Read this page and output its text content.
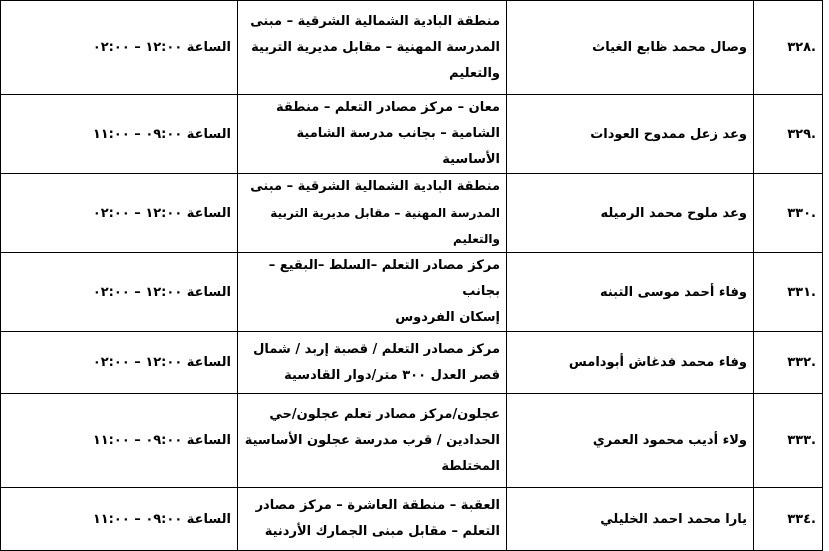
.٣٢٨	وصال محمد ظابع الغياث	منطقة البادية الشمالية الشرقية – مبنى
المدرسة المهنية – مقابل مديرية التربية
والتعليم	الساعة ١٢:٠٠ – ٠٢:٠٠
.٣٢٩	وعد زعل ممدوح العودات	معان – مركز مصادر التعلم – منطقة
الشامية – بجانب مدرسة الشامية الأساسية	الساعة ٠٩:٠٠ – ١١:٠٠
.٣٣٠	وعد ملوح محمد الرميله	منطقة البادية الشمالية الشرقية – مبنى
المدرسة المهنية – مقابل مديرية التربية والتعليم	الساعة ١٢:٠٠ – ٠٢:٠٠
.٣٣١	وفاء أحمد موسى التبنه	مركز مصادر التعلم –السلط –البقيع –بجانب
إسكان الفردوس	الساعة ١٢:٠٠ – ٠٢:٠٠
.٣٣٢	وفاء محمد فدغاش أبودامس	مركز مصادر التعلم / قصبة إربد / شمال
قصر العدل ٣٠٠ متر/دوار القادسية	الساعة ١٢:٠٠ – ٠٢:٠٠
.٣٣٣	ولاء أديب محمود العمري	عجلون/مركز مصادر تعلم عجلون/حي
الحدادين / قرب مدرسة عجلون الأساسية
المختلطة	الساعة ٠٩:٠٠ – ١١:٠٠
.٣٣٤	يارا محمد احمد الخليلي	العقبة – منطقة العاشرة – مركز مصادر
التعلم – مقابل مبنى الجمارك الأردنية	الساعة ٠٩:٠٠ – ١١:٠٠
